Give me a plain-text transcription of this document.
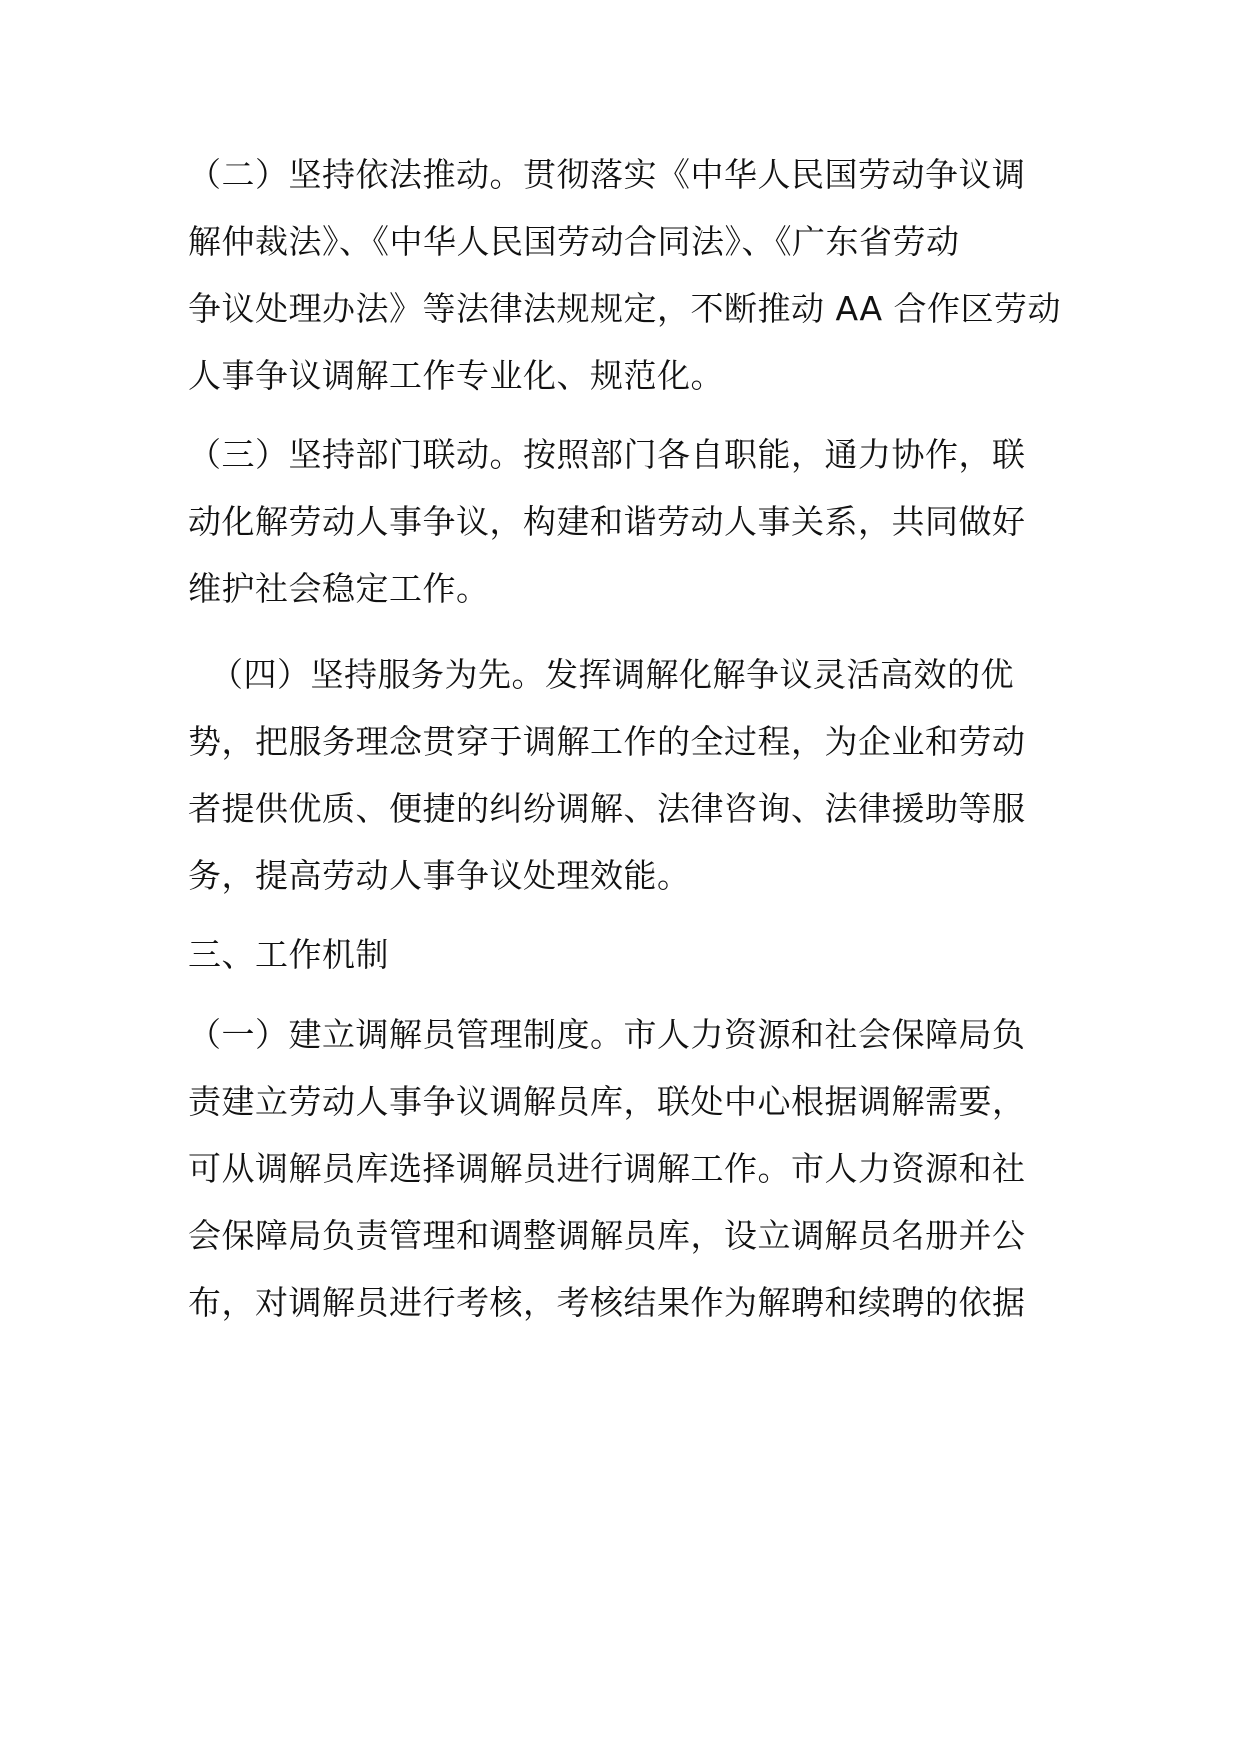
（二）坚持依法推动。贯彻落实《中华人民国劳动争议调
解仲裁法》、《中华人民国劳动合同法》、《广东省劳动
争议处理办法》等法律法规规定，不断推动 AA 合作区劳动
人事争议调解工作专业化、规范化。
（三）坚持部门联动。按照部门各自职能，通力协作，联
动化解劳动人事争议，构建和谐劳动人事关系，共同做好
维护社会稳定工作。
（四）坚持服务为先。发挥调解化解争议灵活高效的优
势，把服务理念贯穿于调解工作的全过程，为企业和劳动
者提供优质、便捷的纠纷调解、法律咨询、法律援助等服
务，提高劳动人事争议处理效能。
三、工作机制
（一）建立调解员管理制度。市人力资源和社会保障局负
责建立劳动人事争议调解员库，联处中心根据调解需要，
可从调解员库选择调解员进行调解工作。市人力资源和社
会保障局负责管理和调整调解员库，设立调解员名册并公
布，对调解员进行考核，考核结果作为解聘和续聘的依据
